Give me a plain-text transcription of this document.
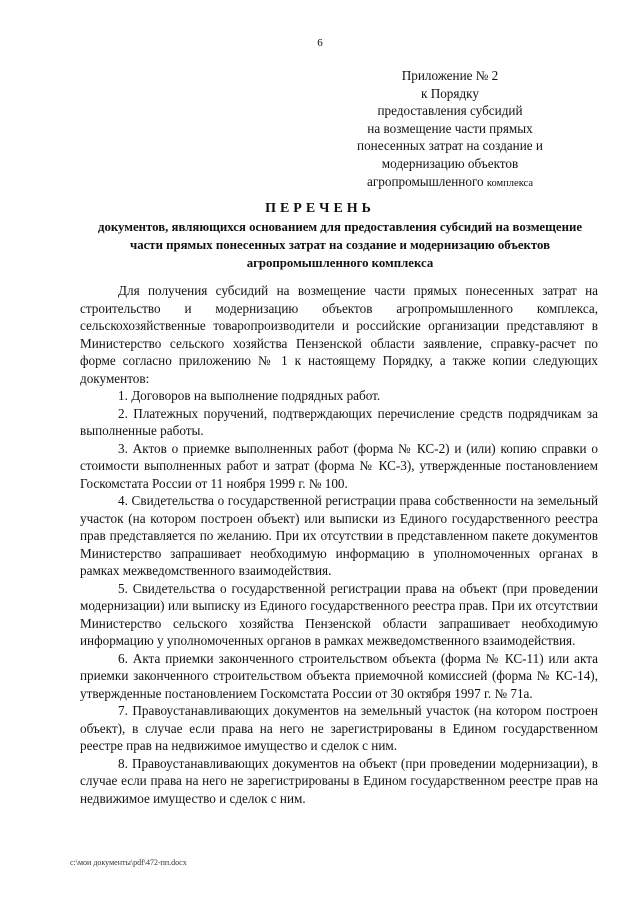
6
Приложение № 2
к Порядку
предоставления субсидий
на возмещение части прямых
понесенных затрат на создание и
модернизацию объектов
агропромышленного комплекса
ПЕРЕЧЕНЬ
документов, являющихся основанием для предоставления субсидий на возмещение части прямых понесенных затрат на создание и модернизацию объектов агропромышленного комплекса

Для получения субсидий на возмещение части прямых понесенных затрат на строительство и модернизацию объектов агропромышленного комплекса, сельскохозяйственные товаропроизводители и российские организации представляют в Министерство сельского хозяйства Пензенской области заявление, справку-расчет по форме согласно приложению № 1 к настоящему Порядку, а также копии следующих документов:

1. Договоров на выполнение подрядных работ.

2. Платежных поручений, подтверждающих перечисление средств подрядчикам за выполненные работы.

3. Актов о приемке выполненных работ (форма № КС-2) и (или) копию справки о стоимости выполненных работ и затрат (форма № КС-3), утвержденные постановлением Госкомстата России от 11 ноября 1999 г. № 100.

4. Свидетельства о государственной регистрации права собственности на земельный участок (на котором построен объект) или выписки из Единого государственного реестра прав представляется по желанию. При их отсутствии в представленном пакете документов Министерство запрашивает необходимую информацию в уполномоченных органах в рамках межведомственного взаимодействия.

5. Свидетельства о государственной регистрации права на объект (при проведении модернизации) или выписку из Единого государственного реестра прав. При их отсутствии Министерство сельского хозяйства Пензенской области запрашивает необходимую информацию у уполномоченных органов в рамках межведомственного взаимодействия.

6. Акта приемки законченного строительством объекта (форма № КС-11) или акта приемки законченного строительством объекта приемочной комиссией (форма № КС-14), утвержденные постановлением Госкомстата России от 30 октября 1997 г. № 71а.

7. Правоустанавливающих документов на земельный участок (на котором построен объект), в случае если права на него не зарегистрированы в Едином государственном реестре прав на недвижимое имущество и сделок с ним.

8. Правоустанавливающих документов на объект (при проведении модернизации), в случае если права на него не зарегистрированы в Едином государственном реестре прав на недвижимое имущество и сделок с ним.

c:\мои документы\pdf\472-пп.docx
